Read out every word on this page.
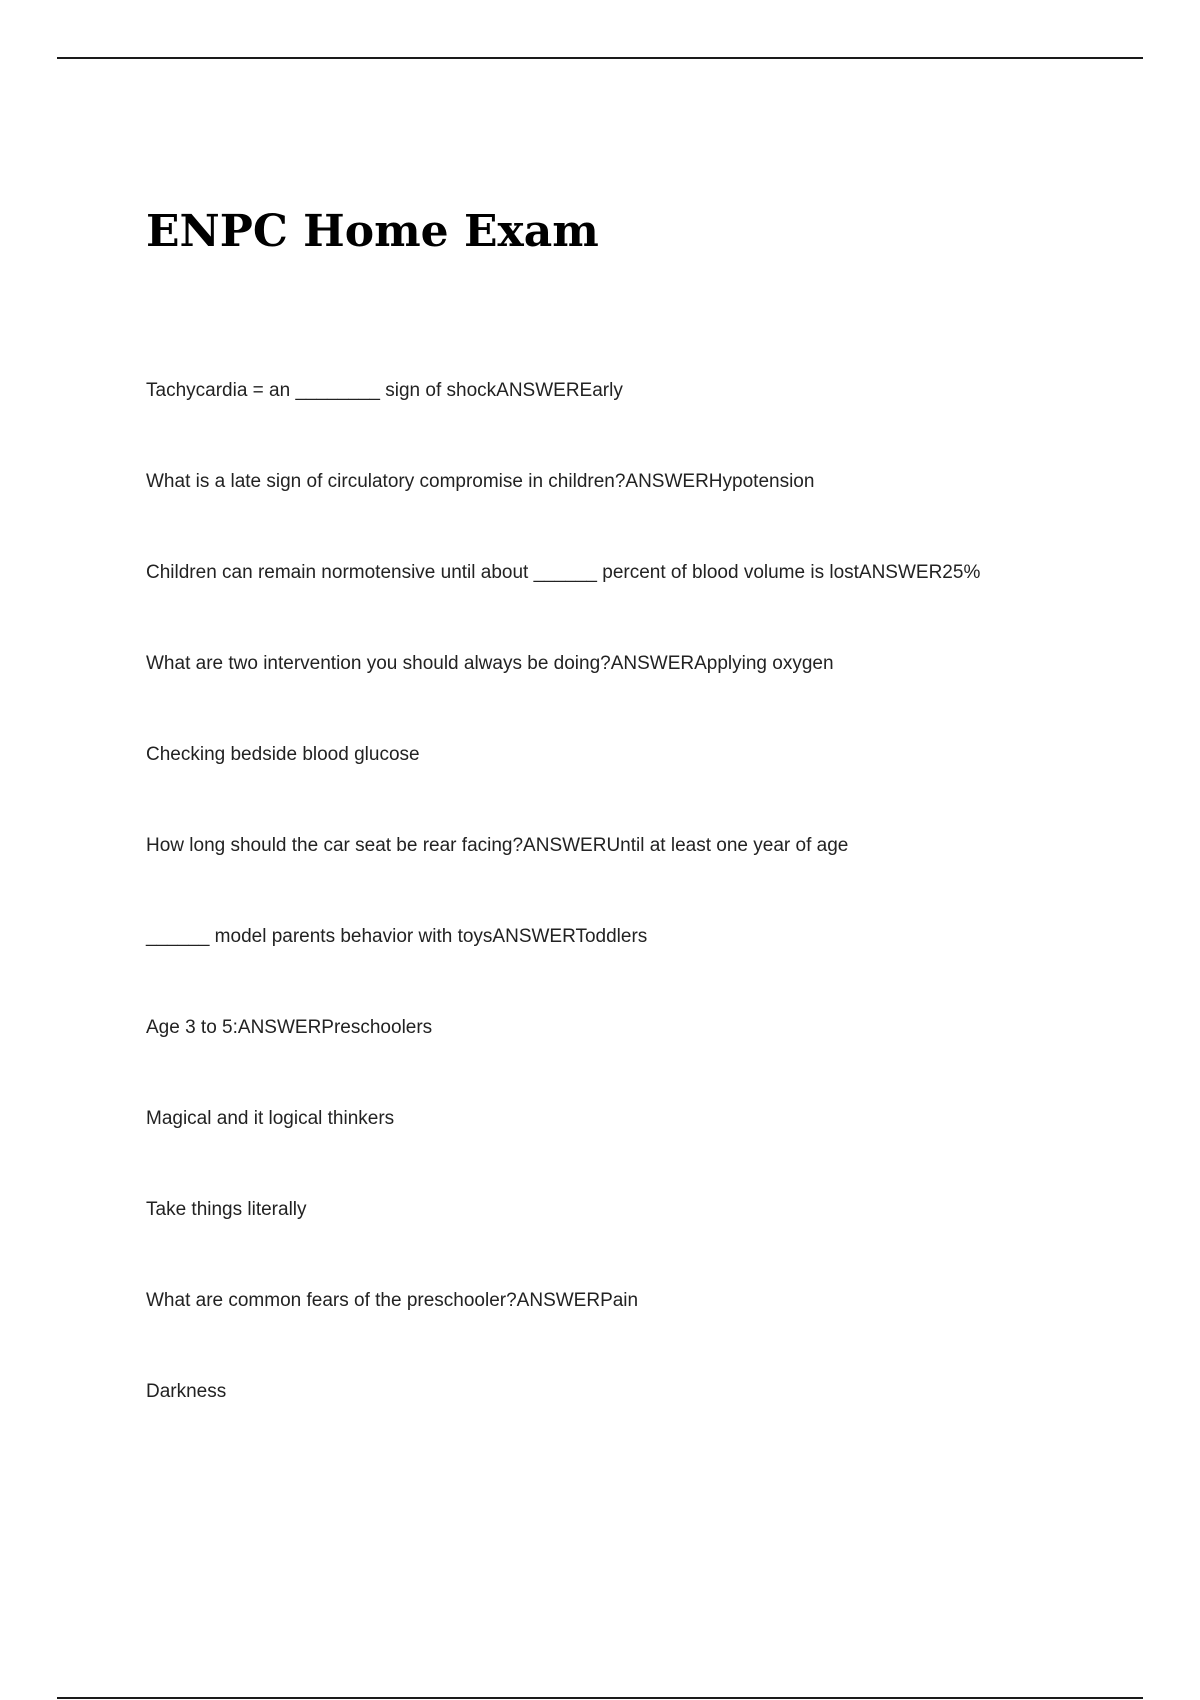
ENPC Home Exam

Tachycardia = an ________ sign of shockANSWEREarly

What is a late sign of circulatory compromise in children?ANSWERHypotension

Children can remain normotensive until about ______ percent of blood volume is lostANSWER25%

What are two intervention you should always be doing?ANSWERApplying oxygen

Checking bedside blood glucose

How long should the car seat be rear facing?ANSWERUntil at least one year of age

______ model parents behavior with toysANSWERToddlers

Age 3 to 5:ANSWERPreschoolers

Magical and it logical thinkers

Take things literally

What are common fears of the preschooler?ANSWERPain

Darkness
